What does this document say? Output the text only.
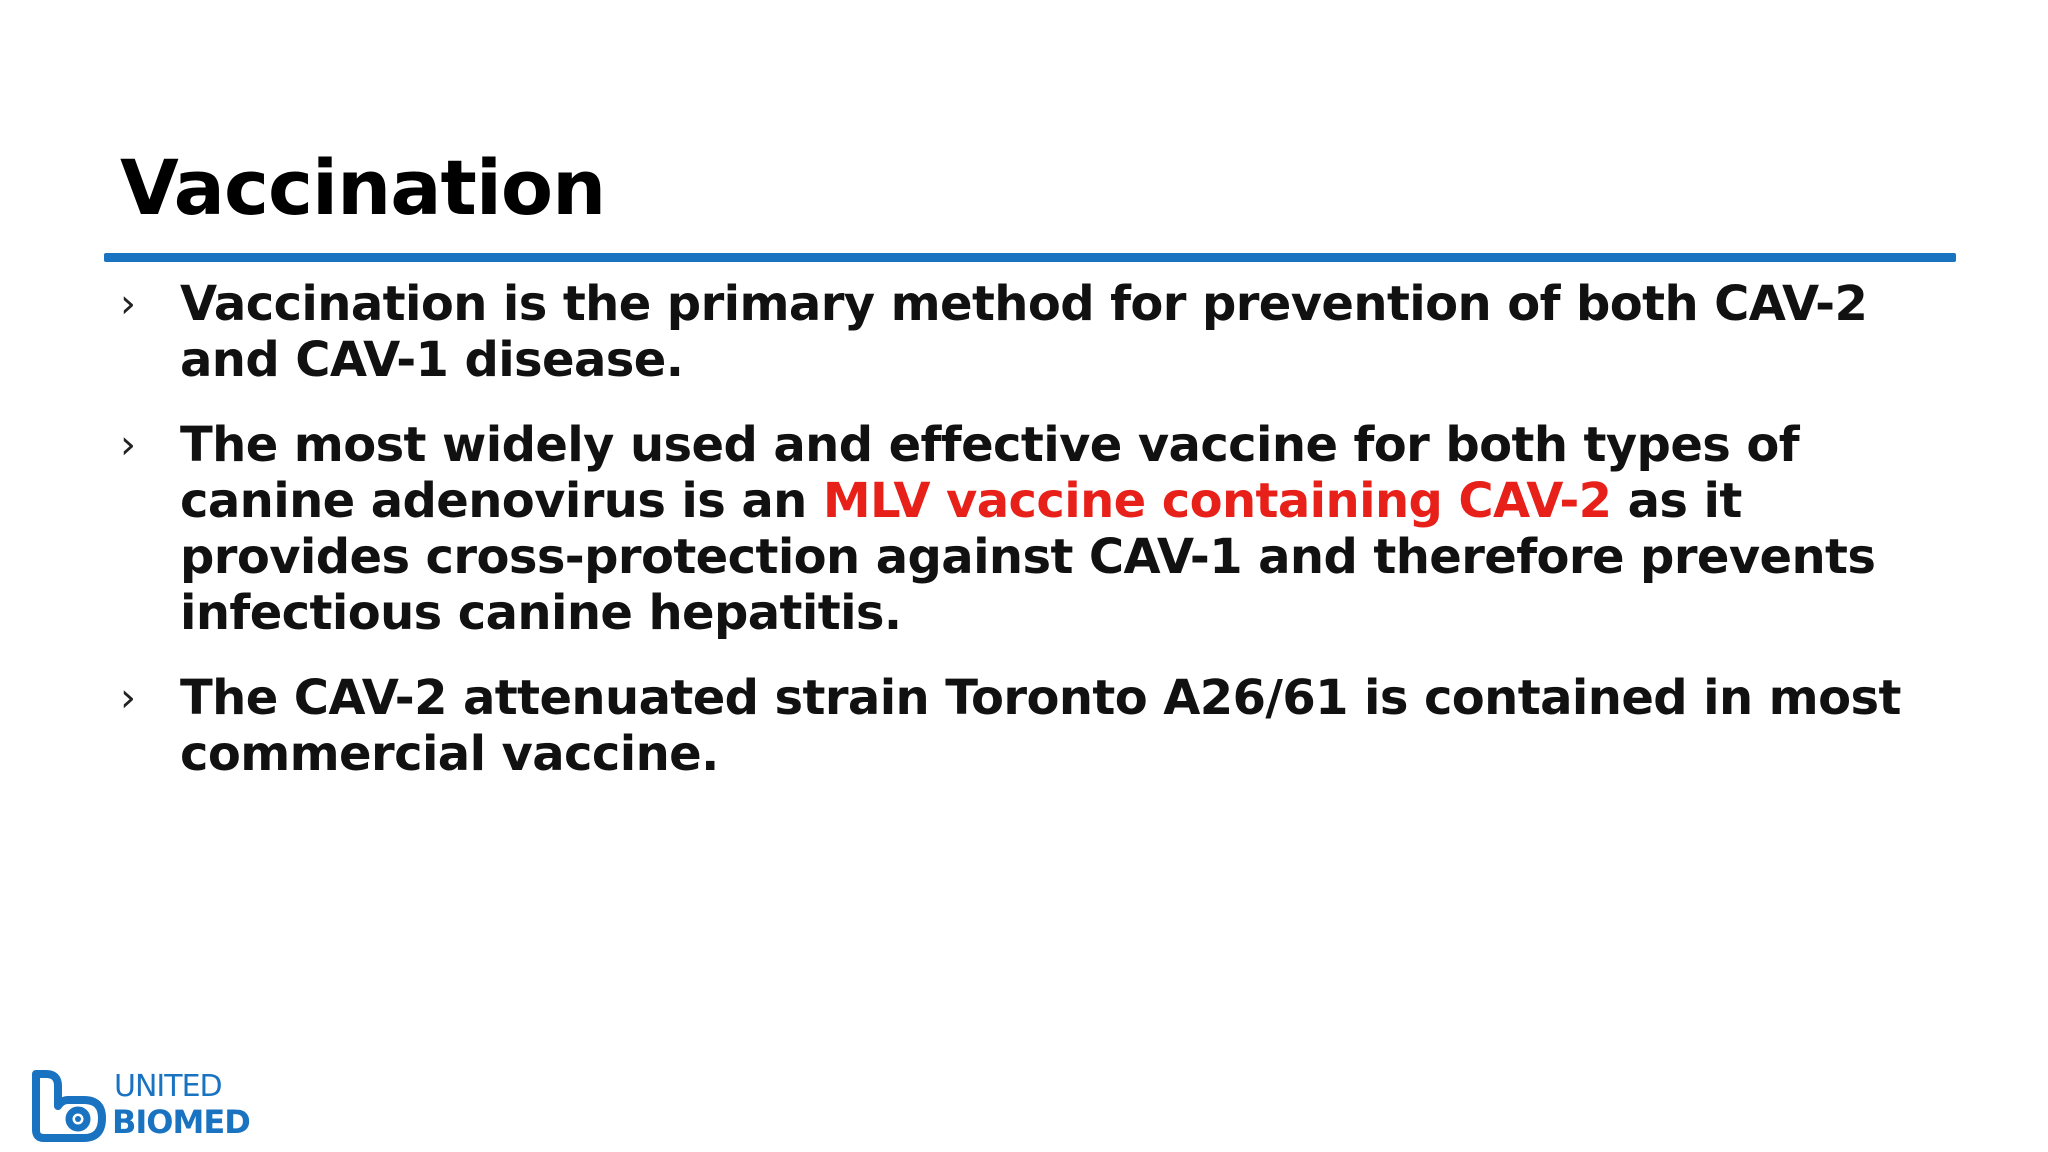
Vaccination
› Vaccination is the primary method for prevention of both CAV-2 and CAV-1 disease.
› The most widely used and effective vaccine for both types of canine adenovirus is an MLV vaccine containing CAV-2 as it provides cross-protection against CAV-1 and therefore prevents infectious canine hepatitis.
› The CAV-2 attenuated strain Toronto A26/61 is contained in most commercial vaccine.
UNITED
BIOMED
